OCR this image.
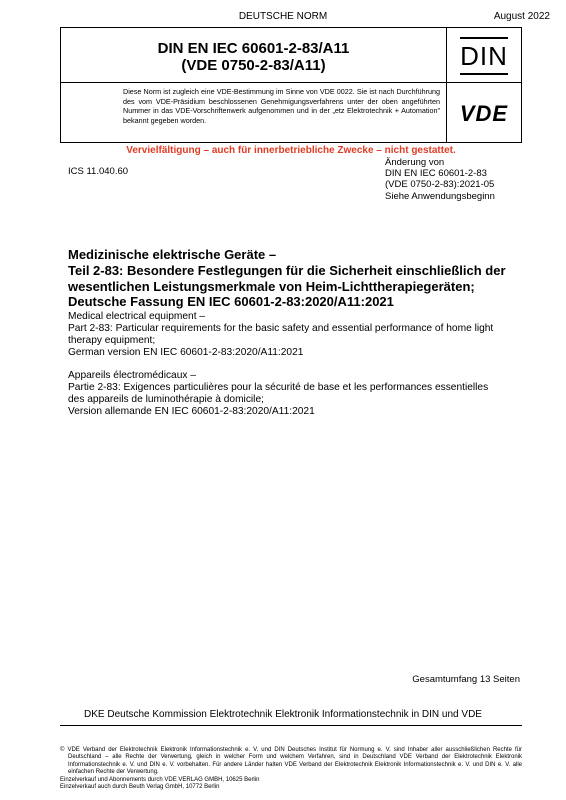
DEUTSCHE NORM	August 2022
DIN EN IEC 60601-2-83/A11
(VDE 0750-2-83/A11)	DIN
Diese Norm ist zugleich eine VDE-Bestimmung im Sinne von VDE 0022. Sie ist nach Durchführung des vom VDE-Präsidium beschlossenen Genehmigungsverfahrens unter der oben angeführten Nummer in das VDE-Vorschriftenwerk aufgenommen und in der „etz Elektrotechnik + Automation" bekannt gegeben worden.	VDE
Vervielfältigung – auch für innerbetriebliche Zwecke – nicht gestattet.
ICS 11.040.60
Änderung von
DIN EN IEC 60601-2-83
(VDE 0750-2-83):2021-05
Siehe Anwendungsbeginn
Medizinische elektrische Geräte –
Teil 2-83: Besondere Festlegungen für die Sicherheit einschließlich der
wesentlichen Leistungsmerkmale von Heim-Lichttherapiegeräten;
Deutsche Fassung EN IEC 60601-2-83:2020/A11:2021
Medical electrical equipment –
Part 2-83: Particular requirements for the basic safety and essential performance of home light
therapy equipment;
German version EN IEC 60601-2-83:2020/A11:2021
Appareils électromédicaux –
Partie 2-83: Exigences particulières pour la sécurité de base et les performances essentielles
des appareils de luminothérapie à domicile;
Version allemande EN IEC 60601-2-83:2020/A11:2021
Gesamtumfang 13 Seiten
DKE Deutsche Kommission Elektrotechnik Elektronik Informationstechnik in DIN und VDE
© VDE Verband der Elektrotechnik Elektronik Informationstechnik e. V. und DIN Deutsches Institut für Normung e. V. sind Inhaber aller ausschließlichen Rechte für Deutschland – alle Rechte der Verwertung, gleich in welcher Form und welchem Verfahren, sind in Deutschland VDE Verband der Elektrotechnik Elektronik Informationstechnik e. V. und DIN e. V. vorbehalten. Für andere Länder halten VDE Verband der Elektrotechnik Elektronik Informationstechnik e. V. und DIN e. V. alle einfachen Rechte der Verwertung.
Einzelverkauf und Abonnements durch VDE VERLAG GMBH, 10625 Berlin
Einzelverkauf auch durch Beuth Verlag GmbH, 10772 Berlin
